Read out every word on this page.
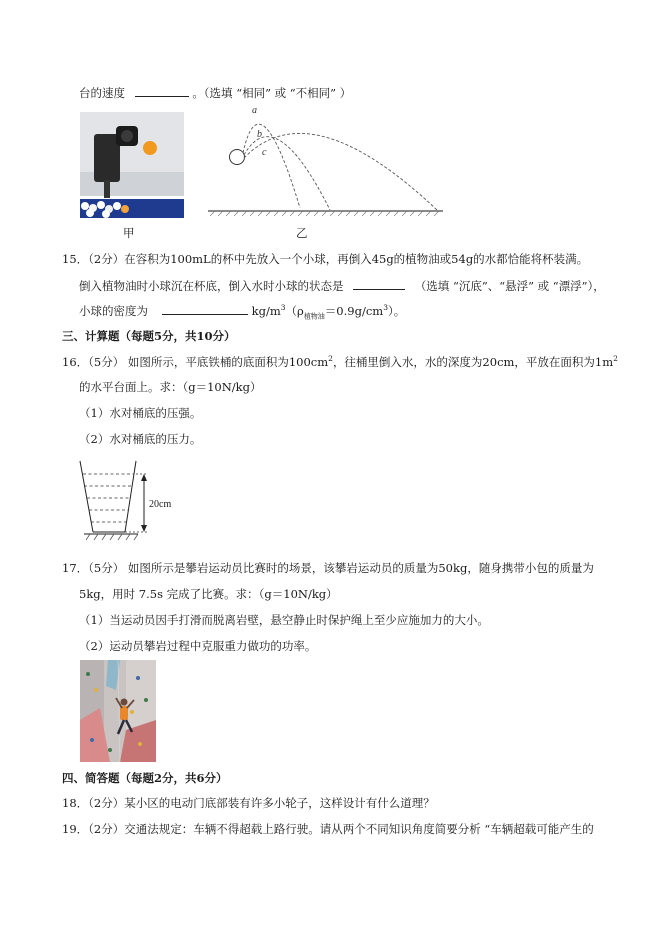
台的速度	。（选填 “相同” 或 “不相同” ）
甲
a
b
c
乙
15．（2分）在容积为100mL的杯中先放入一个小球，再倒入45g的植物油或54g的水都恰能将杯装满。
倒入植物油时小球沉在杯底，倒入水时小球的状态是	（选填 “沉底”、“悬浮” 或 “漂浮”），
小球的密度为	$kg/m^3(\rho_{植物油}=0.9g/cm^3)$。
三、计算题（每题5分，共10分）
16．（5分） 如图所示，平底铁桶的底面积为$100cm^2$，往桶里倒入水，水的深度为20cm，平放在面积为$1m^2$
的水平台面上。求：（g＝10N/kg）
（1）水对桶底的压强。
（2）水对桶底的压力。
20cm
17．（5分） 如图所示是攀岩运动员比赛时的场景，该攀岩运动员的质量为50kg，随身携带小包的质量为
5kg，用时 7.5s 完成了比赛。求：（g＝10N/kg）
（1）当运动员因手打滑而脱离岩壁，悬空静止时保护绳上至少应施加力的大小。
（2）运动员攀岩过程中克服重力做功的功率。
四、简答题（每题2分，共6分）
18．（2分）某小区的电动门底部装有许多小轮子，这样设计有什么道理？
19．（2分）交通法规定：车辆不得超载上路行驶。请从两个不同知识角度简要分析 “车辆超载可能产生的
